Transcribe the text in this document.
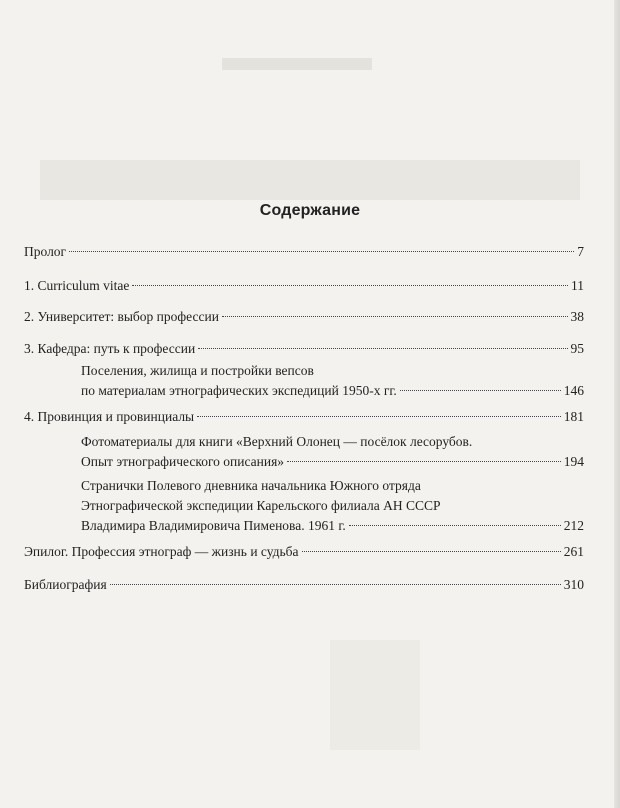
Содержание
Пролог	7
1. Curriculum vitae	11
2. Университет: выбор профессии	38
3. Кафедра: путь к профессии	95
Поселения, жилища и постройки вепсов
по материалам этнографических экспедиций 1950-х гг.	146
4. Провинция и провинциалы	181
Фотоматериалы для книги «Верхний Олонец — посёлок лесорубов.
Опыт этнографического описания»	194
Странички Полевого дневника начальника Южного отряда
Этнографической экспедиции Карельского филиала АН СССР
Владимира Владимировича Пименова. 1961 г.	212
Эпилог. Профессия этнограф — жизнь и судьба	261
Библиография	310
